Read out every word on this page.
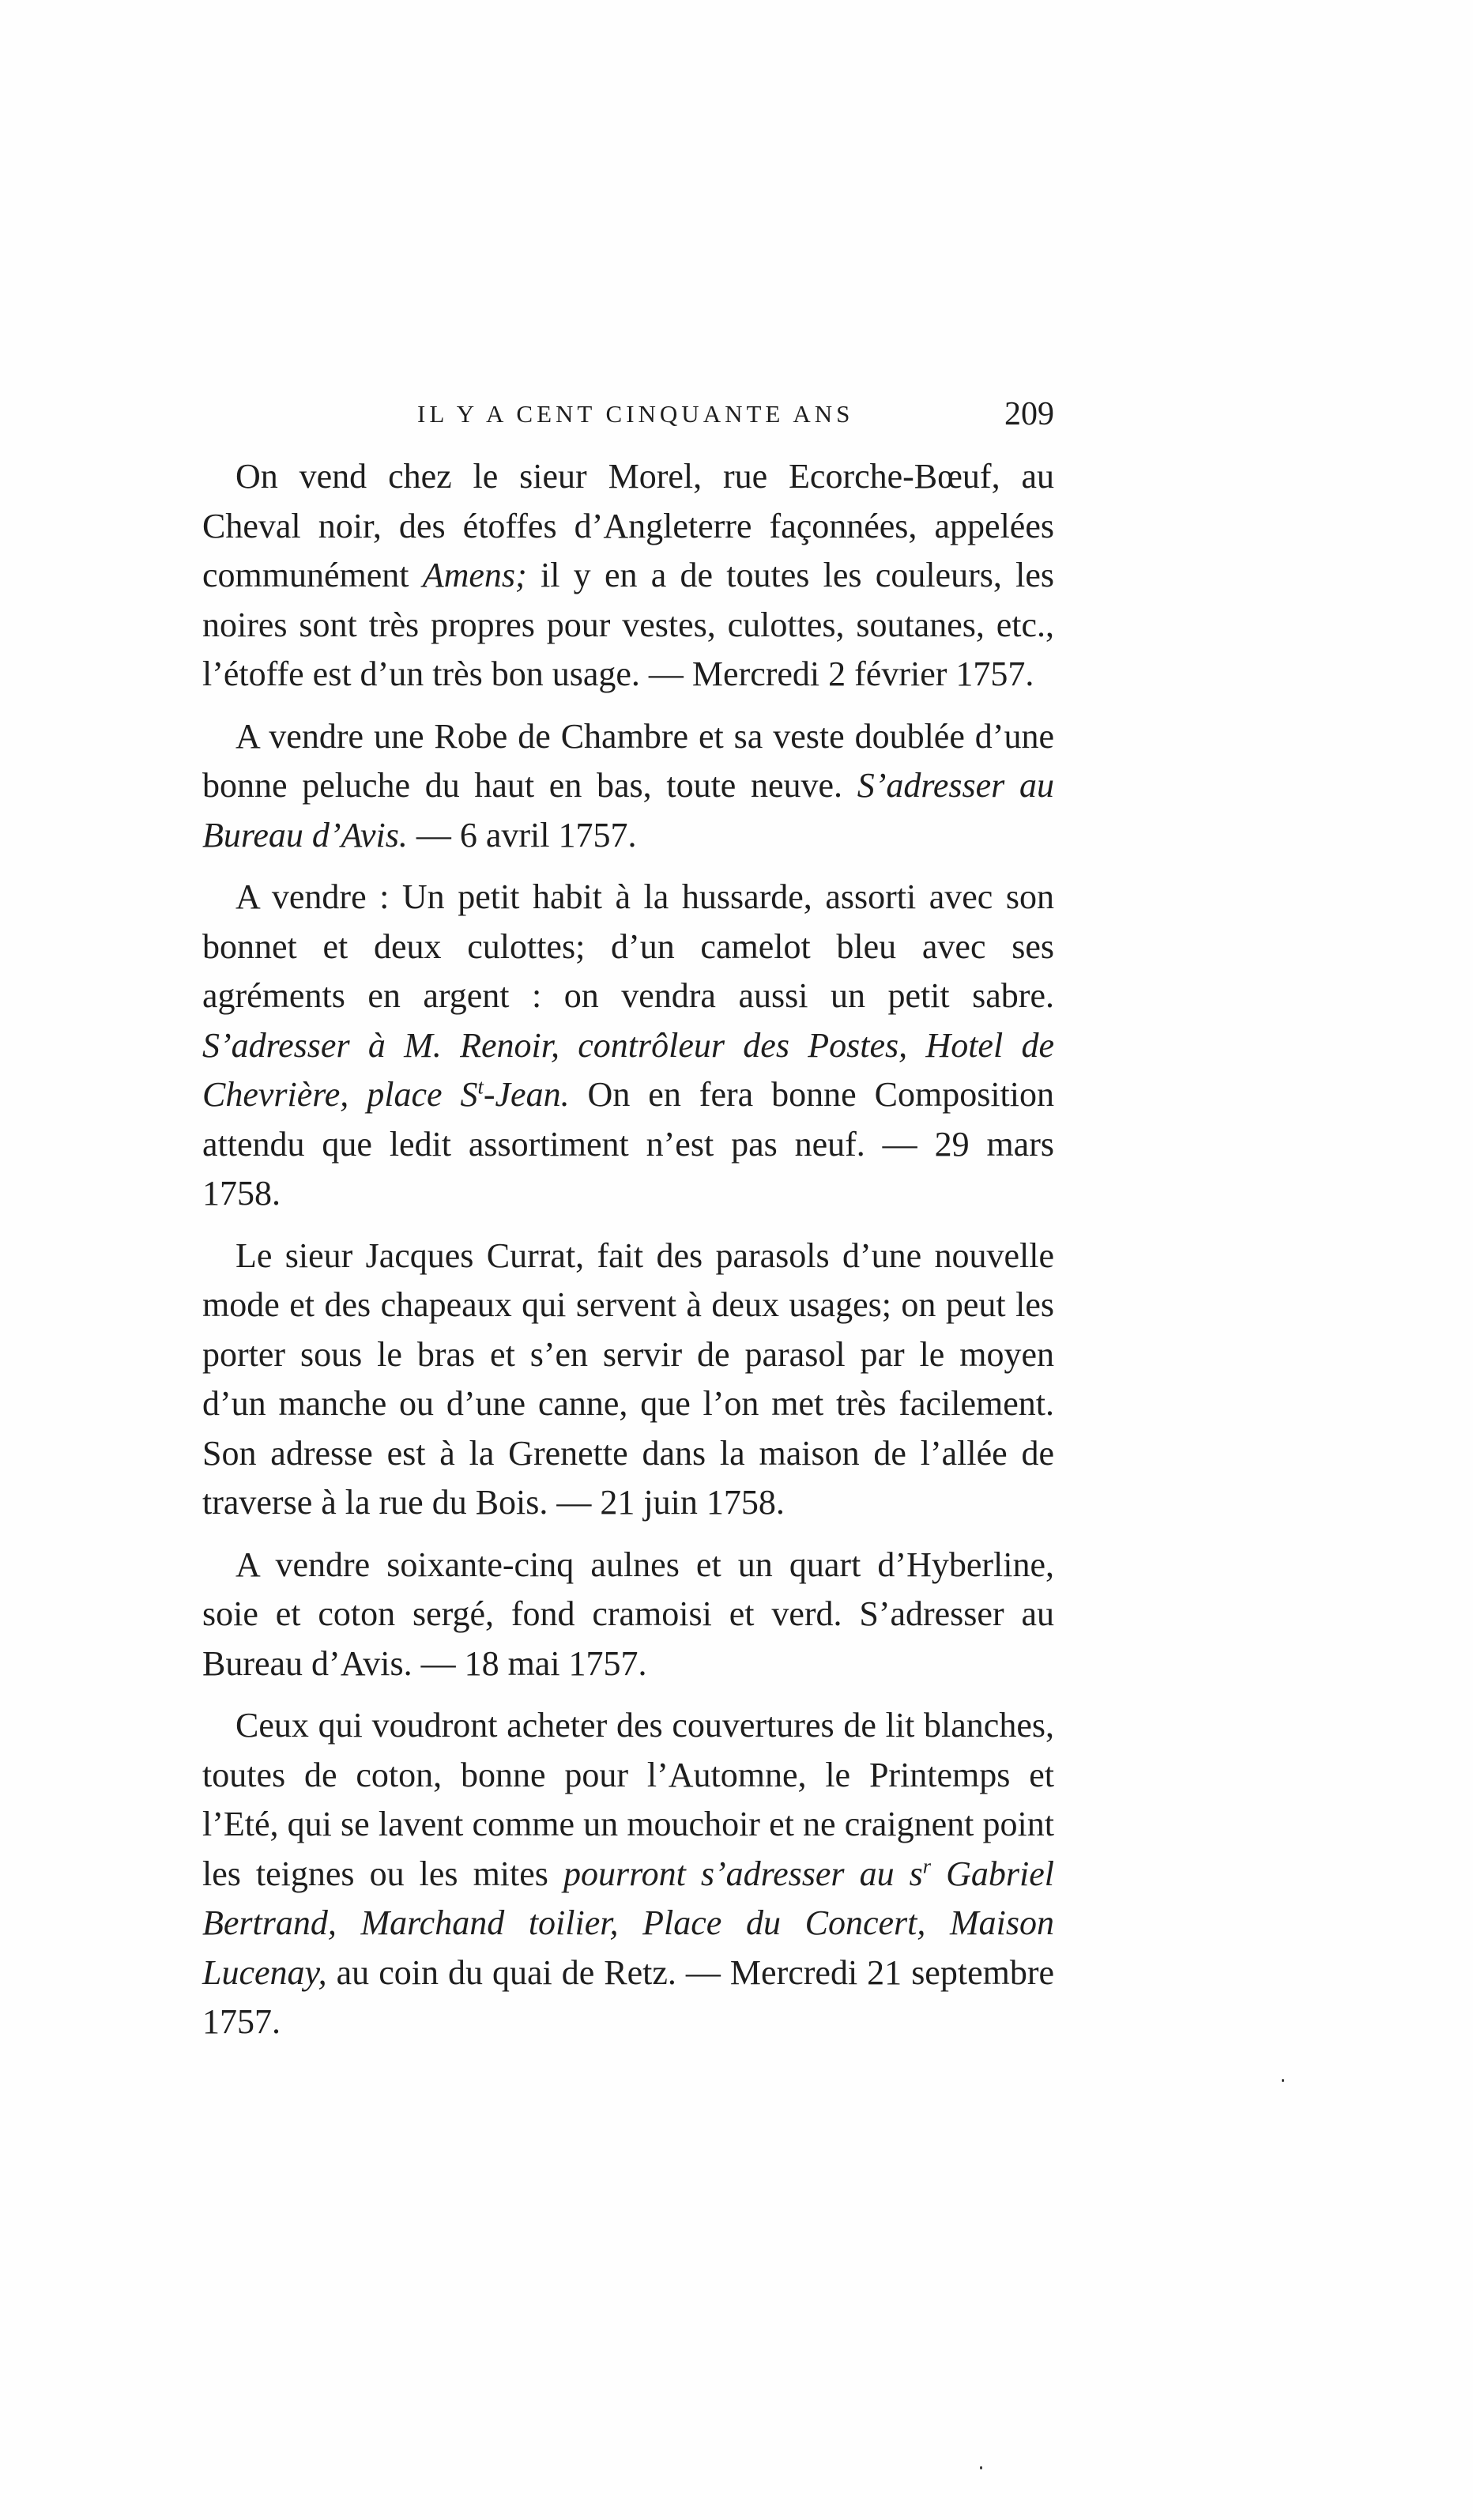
IL Y A CENT CINQUANTE ANS	209

On vend chez le sieur Morel, rue Ecorche-Bœuf, au Cheval noir, des étoffes d’Angleterre façonnées, appelées communément Amens; il y en a de toutes les couleurs, les noires sont très propres pour vestes, culottes, soutanes, etc., l’étoffe est d’un très bon usage. — Mercredi 2 février 1757.

A vendre une Robe de Chambre et sa veste doublée d’une bonne peluche du haut en bas, toute neuve. S’adresser au Bureau d’Avis. — 6 avril 1757.

A vendre : Un petit habit à la hussarde, assorti avec son bonnet et deux culottes; d’un camelot bleu avec ses agréments en argent : on vendra aussi un petit sabre. S’adresser à M. Renoir, contrôleur des Postes, Hotel de Chevrière, place $S^t$-Jean. On en fera bonne Composition attendu que ledit assortiment n’est pas neuf. — 29 mars 1758.

Le sieur Jacques Currat, fait des parasols d’une nouvelle mode et des chapeaux qui servent à deux usages; on peut les porter sous le bras et s’en servir de parasol par le moyen d’un manche ou d’une canne, que l’on met très facilement. Son adresse est à la Grenette dans la maison de l’allée de traverse à la rue du Bois. — 21 juin 1758.

A vendre soixante-cinq aulnes et un quart d’Hyberline, soie et coton sergé, fond cramoisi et verd. S’adresser au Bureau d’Avis. — 18 mai 1757.

Ceux qui voudront acheter des couvertures de lit blanches, toutes de coton, bonne pour l’Automne, le Printemps et l’Eté, qui se lavent comme un mouchoir et ne craignent point les teignes ou les mites pourront s’adresser au $s^r$ Gabriel Bertrand, Marchand toilier, Place du Concert, Maison Lucenay, au coin du quai de Retz. — Mercredi 21 septembre 1757.
